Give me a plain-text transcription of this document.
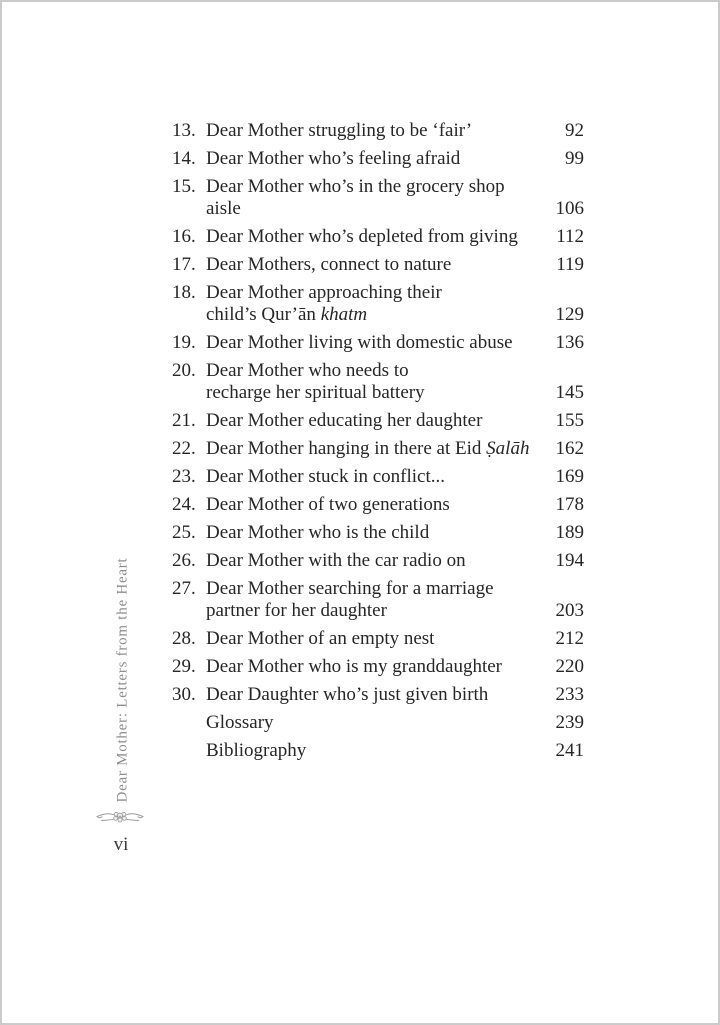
13. Dear Mother struggling to be ‘fair’	92
14. Dear Mother who’s feeling afraid	99
15. Dear Mother who’s in the grocery shop aisle	106
16. Dear Mother who’s depleted from giving	112
17. Dear Mothers, connect to nature	119
18. Dear Mother approaching their
child’s Qur’ān khatm	129
19. Dear Mother living with domestic abuse	136
20. Dear Mother who needs to
recharge her spiritual battery	145
21. Dear Mother educating her daughter	155
22. Dear Mother hanging in there at Eid Ṣalāh	162
23. Dear Mother stuck in conflict...	169
24. Dear Mother of two generations	178
25. Dear Mother who is the child	189
26. Dear Mother with the car radio on	194
27. Dear Mother searching for a marriage
partner for her daughter	203
28. Dear Mother of an empty nest	212
29. Dear Mother who is my granddaughter	220
30. Dear Daughter who’s just given birth	233
Glossary	239
Bibliography	241
Dear Mother: Letters from the Heart
vi
